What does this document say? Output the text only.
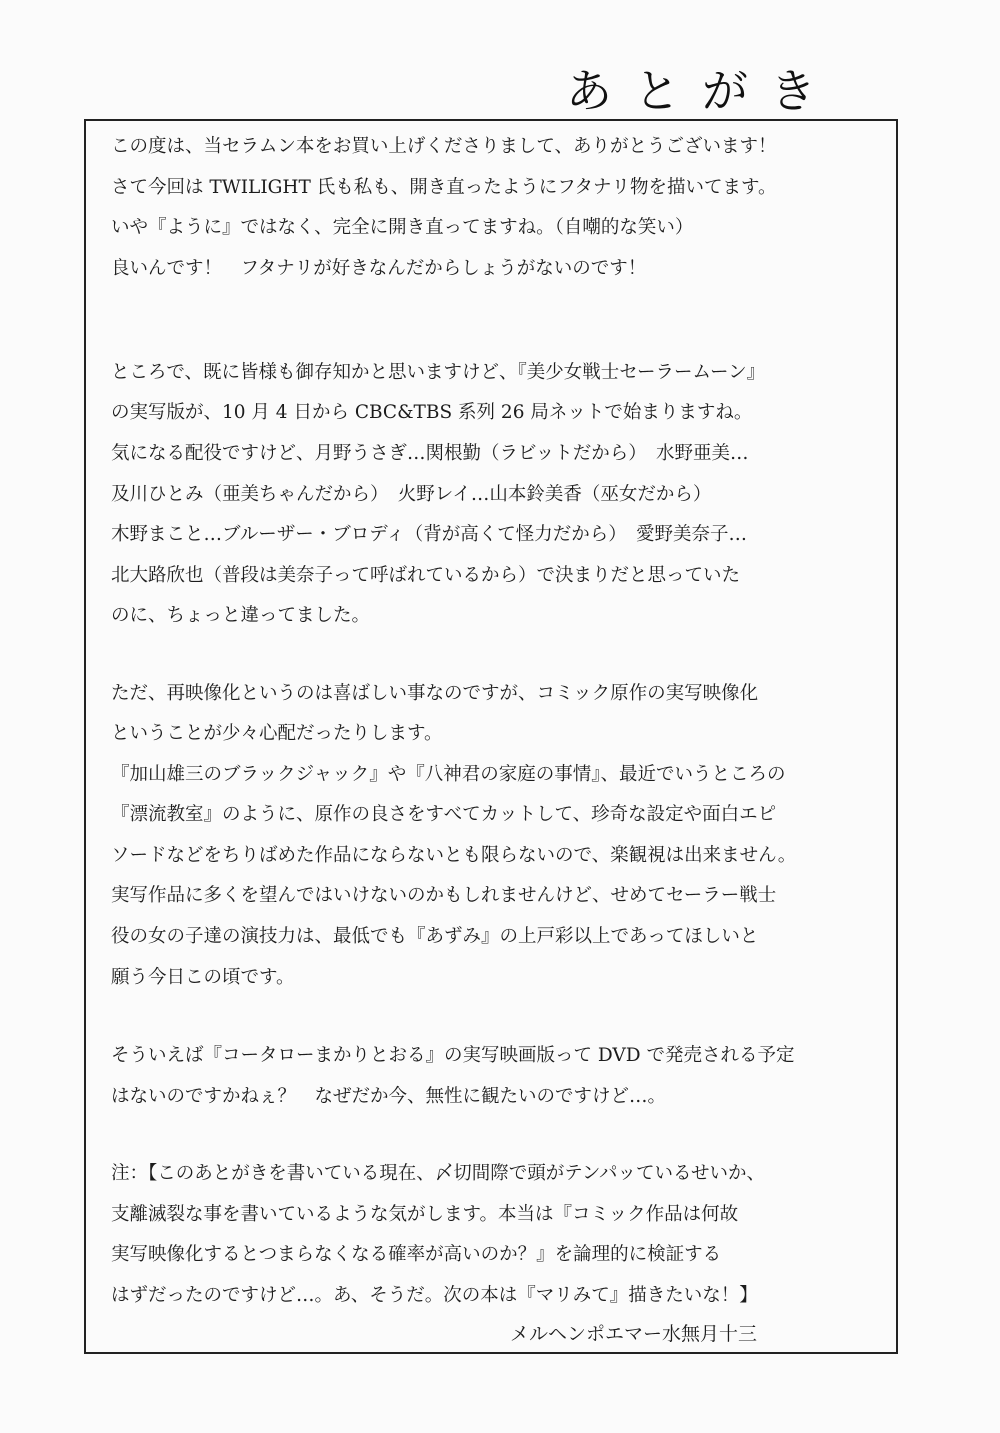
あとがき
この度は、当セラムン本をお買い上げくださりまして、ありがとうございます！
さて今回は TWILIGHT 氏も私も、開き直ったようにフタナリ物を描いてます。
いや『ように』ではなく、完全に開き直ってますね。（自嘲的な笑い）
良いんです！　フタナリが好きなんだからしょうがないのです！
ところで、既に皆様も御存知かと思いますけど、『美少女戦士セーラームーン』
の実写版が、10 月 4 日から CBC&TBS 系列 26 局ネットで始まりますね。
気になる配役ですけど、月野うさぎ…関根勤（ラビットだから）　水野亜美…
及川ひとみ（亜美ちゃんだから）　火野レイ…山本鈴美香（巫女だから）
木野まこと…ブルーザー・ブロディ（背が高くて怪力だから）　愛野美奈子…
北大路欣也（普段は美奈子って呼ばれているから）で決まりだと思っていた
のに、ちょっと違ってました。
ただ、再映像化というのは喜ばしい事なのですが、コミック原作の実写映像化
ということが少々心配だったりします。
『加山雄三のブラックジャック』や『八神君の家庭の事情』、最近でいうところの
『漂流教室』のように、原作の良さをすべてカットして、珍奇な設定や面白エピ
ソードなどをちりばめた作品にならないとも限らないので、楽観視は出来ません。
実写作品に多くを望んではいけないのかもしれませんけど、せめてセーラー戦士
役の女の子達の演技力は、最低でも『あずみ』の上戸彩以上であってほしいと
願う今日この頃です。
そういえば『コータローまかりとおる』の実写映画版って DVD で発売される予定
はないのですかねぇ？　なぜだか今、無性に観たいのですけど…。
注：【このあとがきを書いている現在、〆切間際で頭がテンパッているせいか、
支離滅裂な事を書いているような気がします。本当は『コミック作品は何故
実写映像化するとつまらなくなる確率が高いのか？』を論理的に検証する
はずだったのですけど…。あ、そうだ。次の本は『マリみて』描きたいな！】
メルヘンポエマー水無月十三
